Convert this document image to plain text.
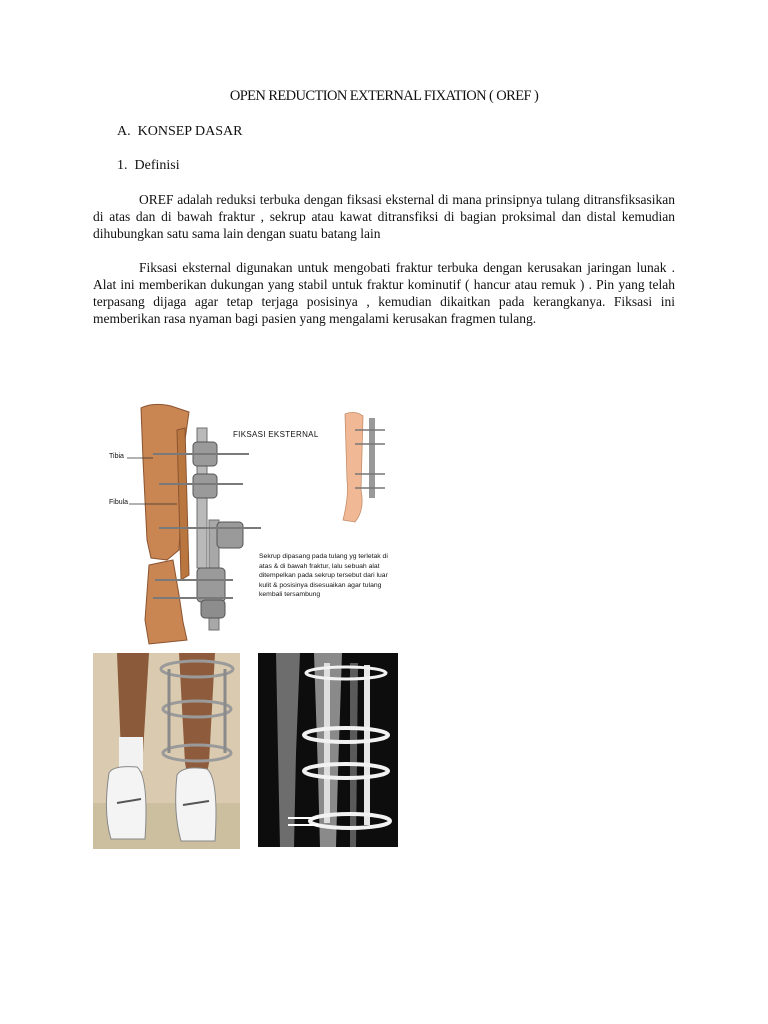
OPEN REDUCTION EXTERNAL FIXATION ( OREF )
A.  KONSEP DASAR
1.  Definisi

OREF adalah reduksi terbuka dengan fiksasi eksternal di mana prinsipnya tulang ditransfiksasikan di atas dan di bawah fraktur , sekrup atau kawat ditransfiksi di bagian proksimal dan distal kemudian dihubungkan satu sama lain dengan suatu batang lain

Fiksasi eksternal digunakan untuk mengobati fraktur terbuka dengan kerusakan jaringan lunak . Alat ini memberikan dukungan yang stabil untuk fraktur kominutif ( hancur atau remuk ) . Pin yang telah terpasang dijaga agar tetap terjaga posisinya , kemudian dikaitkan pada kerangkanya. Fiksasi ini memberikan rasa nyaman bagi pasien yang mengalami kerusakan fragmen tulang.

FIKSASI EKSTERNAL
Tibia
Fibula
Sekrup dipasang pada tulang yg terletak di
atas & di bawah fraktur, lalu sebuah alat
ditempelkan pada sekrup tersebut dari luar
kulit & posisinya disesuaikan agar tulang
kembali tersambung
